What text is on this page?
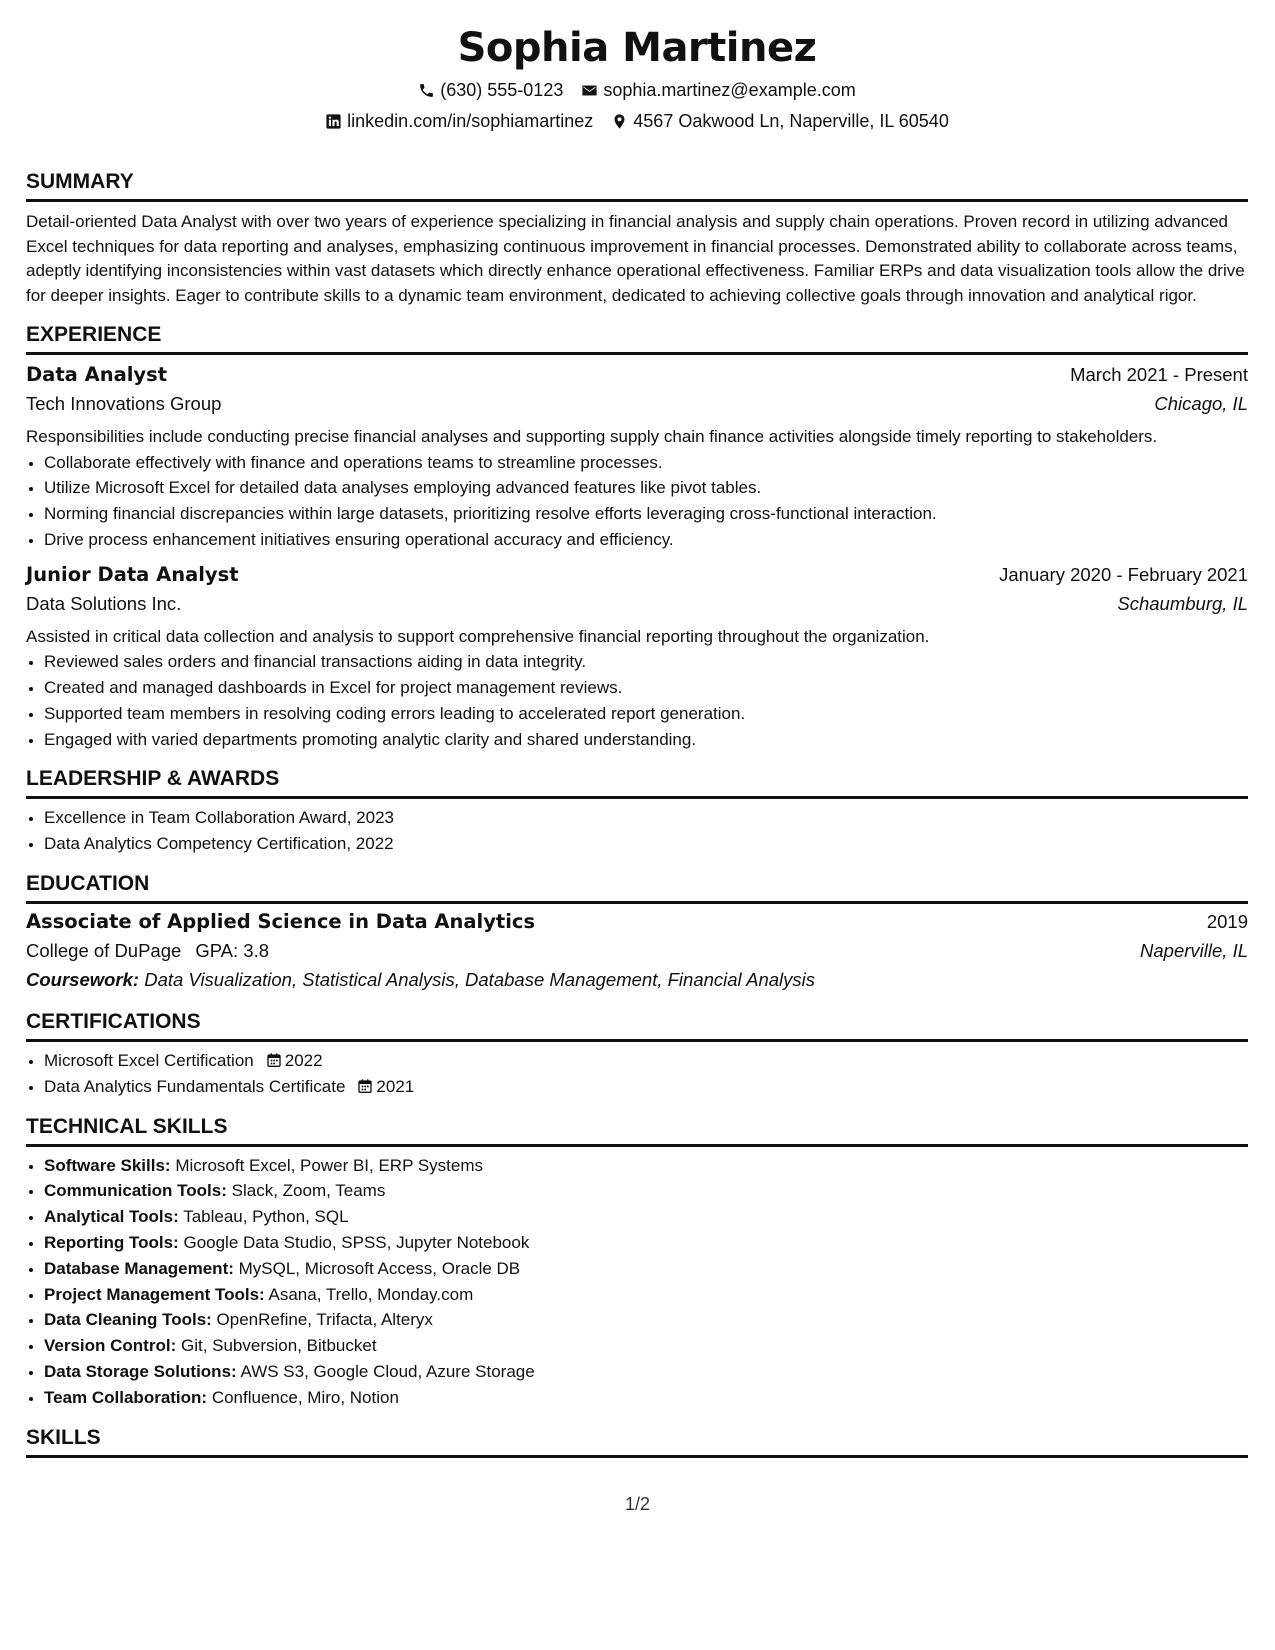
Sophia Martinez
(630) 555-0123 sophia.martinez@example.com
linkedin.com/in/sophiamartinez 4567 Oakwood Ln, Naperville, IL 60540
SUMMARY
Detail-oriented Data Analyst with over two years of experience specializing in financial analysis and supply chain operations. Proven record in utilizing advanced Excel techniques for data reporting and analyses, emphasizing continuous improvement in financial processes. Demonstrated ability to collaborate across teams, adeptly identifying inconsistencies within vast datasets which directly enhance operational effectiveness. Familiar ERPs and data visualization tools allow the drive for deeper insights. Eager to contribute skills to a dynamic team environment, dedicated to achieving collective goals through innovation and analytical rigor.
EXPERIENCE
Data Analyst	March 2021 - Present
Tech Innovations Group	Chicago, IL
Responsibilities include conducting precise financial analyses and supporting supply chain finance activities alongside timely reporting to stakeholders.
• Collaborate effectively with finance and operations teams to streamline processes.
• Utilize Microsoft Excel for detailed data analyses employing advanced features like pivot tables.
• Norming financial discrepancies within large datasets, prioritizing resolve efforts leveraging cross-functional interaction.
• Drive process enhancement initiatives ensuring operational accuracy and efficiency.
Junior Data Analyst	January 2020 - February 2021
Data Solutions Inc.	Schaumburg, IL
Assisted in critical data collection and analysis to support comprehensive financial reporting throughout the organization.
• Reviewed sales orders and financial transactions aiding in data integrity.
• Created and managed dashboards in Excel for project management reviews.
• Supported team members in resolving coding errors leading to accelerated report generation.
• Engaged with varied departments promoting analytic clarity and shared understanding.
LEADERSHIP & AWARDS
• Excellence in Team Collaboration Award, 2023
• Data Analytics Competency Certification, 2022
EDUCATION
Associate of Applied Science in Data Analytics	2019
College of DuPage GPA: 3.8	Naperville, IL
Coursework: Data Visualization, Statistical Analysis, Database Management, Financial Analysis
CERTIFICATIONS
• Microsoft Excel Certification 2022
• Data Analytics Fundamentals Certificate 2021
TECHNICAL SKILLS
• Software Skills: Microsoft Excel, Power BI, ERP Systems
• Communication Tools: Slack, Zoom, Teams
• Analytical Tools: Tableau, Python, SQL
• Reporting Tools: Google Data Studio, SPSS, Jupyter Notebook
• Database Management: MySQL, Microsoft Access, Oracle DB
• Project Management Tools: Asana, Trello, Monday.com
• Data Cleaning Tools: OpenRefine, Trifacta, Alteryx
• Version Control: Git, Subversion, Bitbucket
• Data Storage Solutions: AWS S3, Google Cloud, Azure Storage
• Team Collaboration: Confluence, Miro, Notion
SKILLS
1/2
